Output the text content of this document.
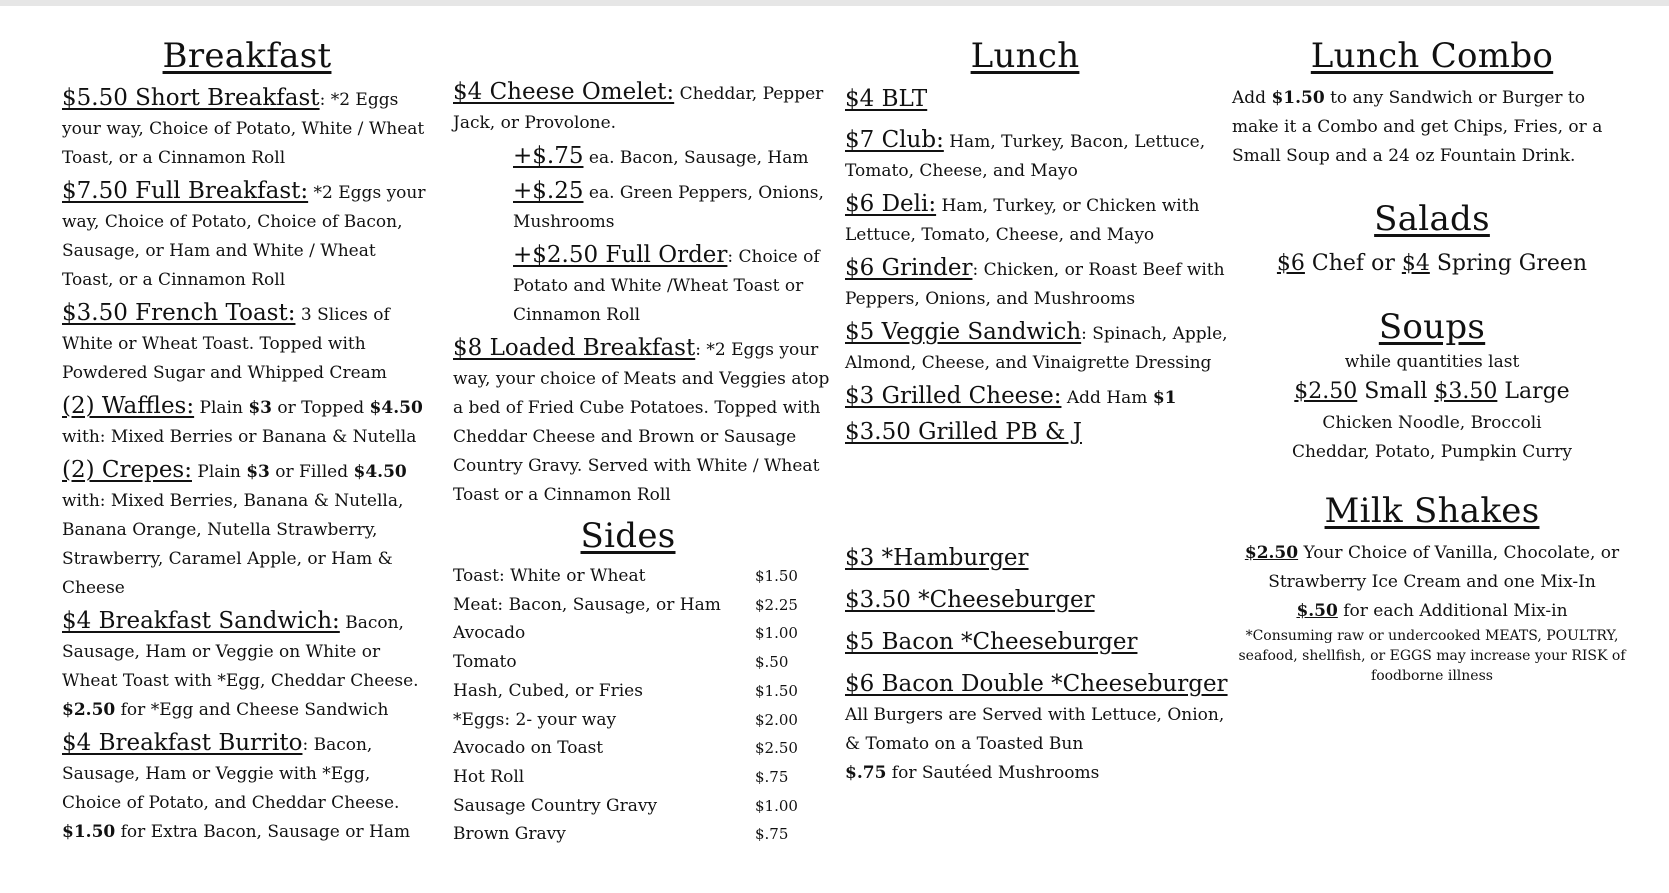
Breakfast

$5.50 Short Breakfast: *2 Eggs your way, Choice of Potato, White / Wheat Toast, or a Cinnamon Roll

$7.50 Full Breakfast: *2 Eggs your way, Choice of Potato, Choice of Bacon, Sausage, or Ham and White / Wheat Toast, or a Cinnamon Roll

$3.50 French Toast: 3 Slices of White or Wheat Toast. Topped with Powdered Sugar and Whipped Cream

(2) Waffles: Plain $3 or Topped $4.50 with: Mixed Berries or Banana & Nutella

(2) Crepes: Plain $3 or Filled $4.50 with: Mixed Berries, Banana & Nutella, Banana Orange, Nutella Strawberry, Strawberry, Caramel Apple, or Ham & Cheese

$4 Breakfast Sandwich: Bacon, Sausage, Ham or Veggie on White or Wheat Toast with *Egg, Cheddar Cheese.
$2.50 for *Egg and Cheese Sandwich

$4 Breakfast Burrito: Bacon, Sausage, Ham or Veggie with *Egg, Choice of Potato, and Cheddar Cheese. $1.50 for Extra Bacon, Sausage or Ham

$4 Cheese Omelet: Cheddar, Pepper Jack, or Provolone.

+$.75 ea. Bacon, Sausage, Ham

+$.25 ea. Green Peppers, Onions, Mushrooms

+$2.50 Full Order: Choice of Potato and White /Wheat Toast or Cinnamon Roll

$8 Loaded Breakfast: *2 Eggs your way, your choice of Meats and Veggies atop a bed of Fried Cube Potatoes. Topped with Cheddar Cheese and Brown or Sausage Country Gravy. Served with White / Wheat Toast or a Cinnamon Roll

Sides
Toast: White or Wheat	$1.50
Meat: Bacon, Sausage, or Ham $2.25
Avocado	$1.00
Tomato	$.50
Hash, Cubed, or Fries	$1.50
*Eggs: 2- your way	$2.00
Avocado on Toast	$2.50
Hot Roll	$.75
Sausage Country Gravy	$1.00
Brown Gravy	$.75
Lunch

$4 BLT

$7 Club: Ham, Turkey, Bacon, Lettuce, Tomato, Cheese, and Mayo

$6 Deli: Ham, Turkey, or Chicken with Lettuce, Tomato, Cheese, and Mayo

$6 Grinder: Chicken, or Roast Beef with Peppers, Onions, and Mushrooms

$5 Veggie Sandwich: Spinach, Apple, Almond, Cheese, and Vinaigrette Dressing

$3 Grilled Cheese: Add Ham $1

$3.50 Grilled PB & J

$3 *Hamburger

$3.50 *Cheeseburger

$5 Bacon *Cheeseburger

$6 Bacon Double *Cheeseburger

All Burgers are Served with Lettuce, Onion, & Tomato on a Toasted Bun
$.75 for Sautéed Mushrooms

Lunch Combo

Add $1.50 to any Sandwich or Burger to make it a Combo and get Chips, Fries, or a Small Soup and a 24 oz Fountain Drink.

Salads

$6 Chef or $4 Spring Green

Soups

while quantities last

$2.50 Small $3.50 Large

Chicken Noodle, Broccoli Cheddar, Potato, Pumpkin Curry

Milk Shakes

$2.50 Your Choice of Vanilla, Chocolate, or Strawberry Ice Cream and one Mix-In
$.50 for each Additional Mix-in

*Consuming raw or undercooked MEATS, POULTRY, seafood, shellfish, or EGGS may increase your RISK of foodborne illness
